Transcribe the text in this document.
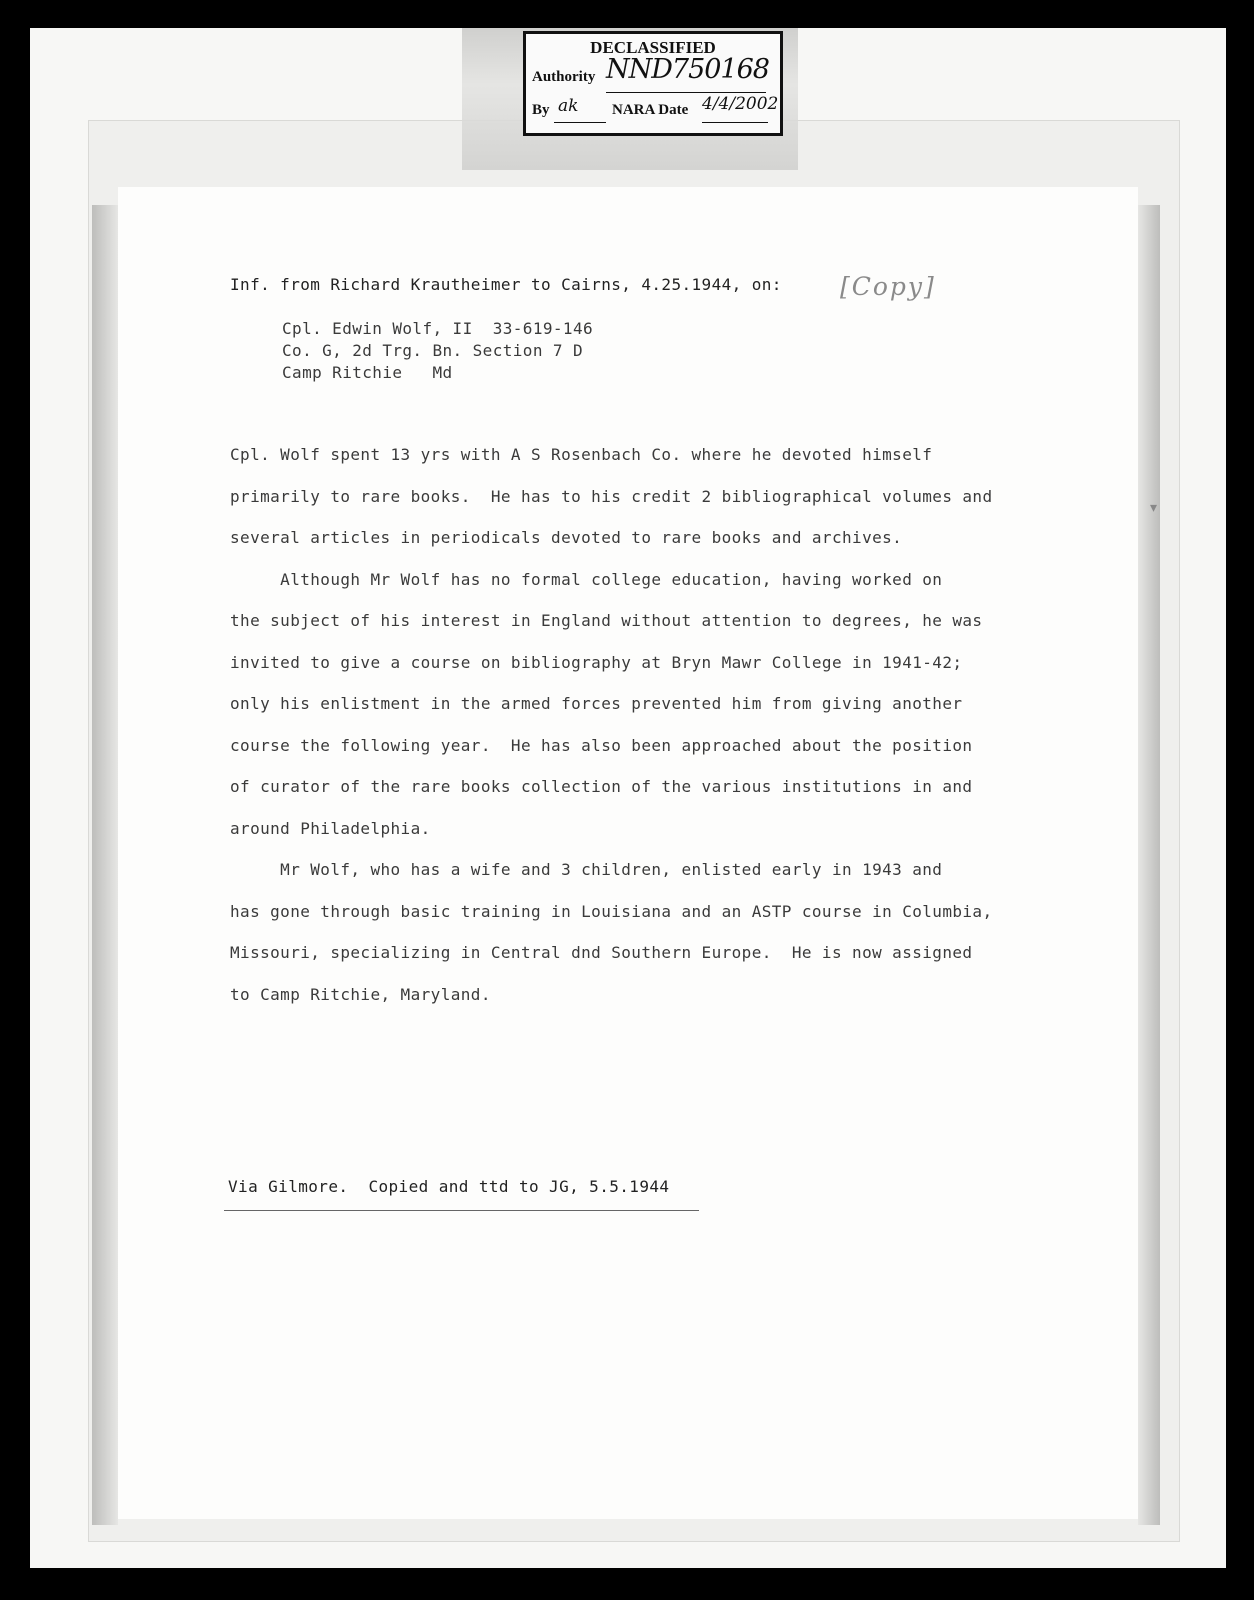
DECLASSIFIED
Authority NND750168
By ak NARA Date 4/4/2002
Inf. from Richard Krautheimer to Cairns, 4.25.1944, on: [Copy]
Cpl. Edwin Wolf, II  33-619-146
Co. G, 2d Trg. Bn. Section 7 D
Camp Ritchie   Md
Cpl. Wolf spent 13 yrs with A S Rosenbach Co. where he devoted himself
primarily to rare books.  He has to his credit 2 bibliographical volumes and
several articles in periodicals devoted to rare books and archives.
Although Mr Wolf has no formal college education, having worked on
the subject of his interest in England without attention to degrees, he was
invited to give a course on bibliography at Bryn Mawr College in 1941-42;
only his enlistment in the armed forces prevented him from giving another
course the following year.  He has also been approached about the position
of curator of the rare books collection of the various institutions in and
around Philadelphia.
Mr Wolf, who has a wife and 3 children, enlisted early in 1943 and
has gone through basic training in Louisiana and an ASTP course in Columbia,
Missouri, specializing in Central dnd Southern Europe.  He is now assigned
to Camp Ritchie, Maryland.
Via Gilmore.  Copied and ttd to JG, 5.5.1944
▾
